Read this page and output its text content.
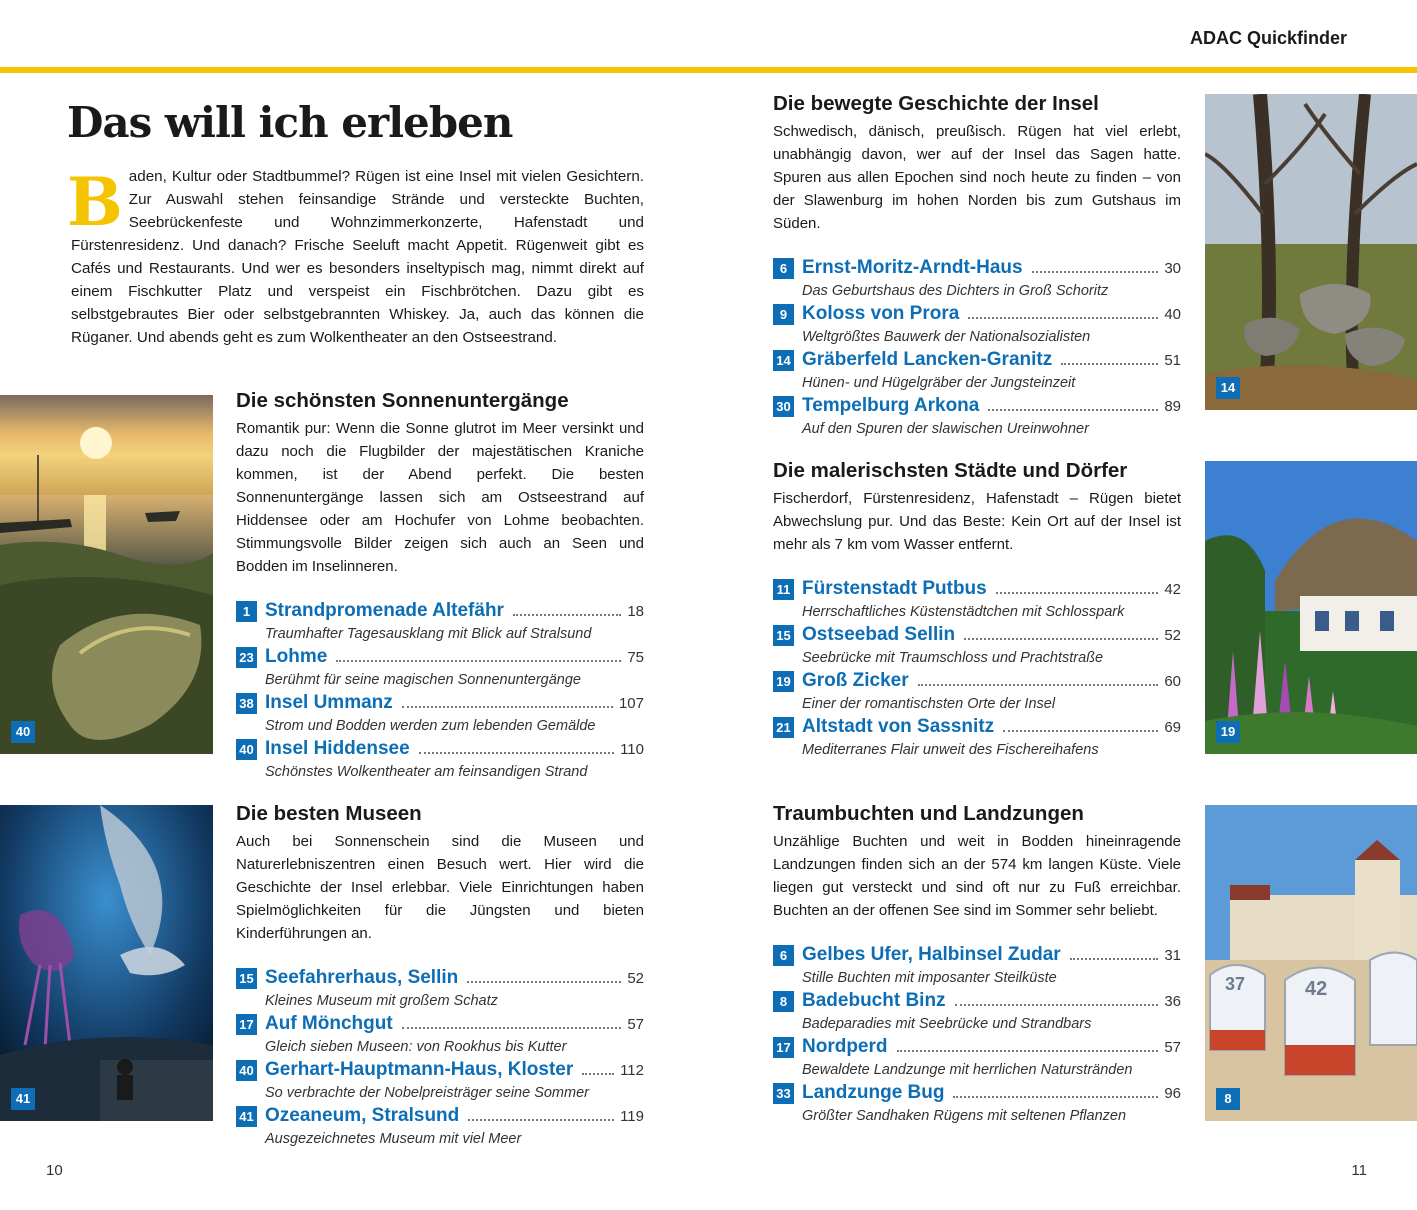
ADAC Quickfinder
Das will ich erleben

Baden, Kultur oder Stadtbummel? Rügen ist eine Insel mit vielen Gesichtern. Zur Auswahl stehen feinsandige Strände und versteckte Buchten, Seebrückenfeste und Wohnzimmerkonzerte, Hafenstadt und Fürstenresidenz. Und danach? Frische Seeluft macht Appetit. Rügenweit gibt es Cafés und Restaurants. Und wer es besonders inseltypisch mag, nimmt direkt auf einem Fischkutter Platz und verspeist ein Fischbrötchen. Dazu gibt es selbstgebrautes Bier oder selbstgebrannten Whiskey. Ja, auch das können die Rüganer. Und abends geht es zum Wolkentheater an den Ostseestrand.

40
Die schönsten Sonnenuntergänge

Romantik pur: Wenn die Sonne glutrot im Meer versinkt und dazu noch die Flugbilder der majestätischen Kraniche kommen, ist der Abend perfekt. Die besten Sonnenuntergänge lassen sich am Ostseestrand auf Hiddensee oder am Hochufer von Lohme beobachten. Stimmungsvolle Bilder zeigen sich auch an Seen und Bodden im Inselinneren.

1 Strandpromenade Altefähr	18
Traumhafter Tagesausklang mit Blick auf Stralsund
23 Lohme	75
Berühmt für seine magischen Sonnenuntergänge
38 Insel Ummanz	107
Strom und Bodden werden zum lebenden Gemälde
40 Insel Hiddensee	110
Schönstes Wolkentheater am feinsandigen Strand
41
Die besten Museen

Auch bei Sonnenschein sind die Museen und Naturerlebniszentren einen Besuch wert. Hier wird die Geschichte der Insel erlebbar. Viele Einrichtungen haben Spielmöglichkeiten für die Jüngsten und bieten Kinderführungen an.

15 Seefahrerhaus, Sellin	52
Kleines Museum mit großem Schatz
17 Auf Mönchgut	57
Gleich sieben Museen: von Rookhus bis Kutter
40 Gerhart-Hauptmann-Haus, Kloster	112
So verbrachte der Nobelpreisträger seine Sommer
41 Ozeaneum, Stralsund	119
Ausgezeichnetes Museum mit viel Meer
Die bewegte Geschichte der Insel

Schwedisch, dänisch, preußisch. Rügen hat viel erlebt, unabhängig davon, wer auf der Insel das Sagen hatte. Spuren aus allen Epochen sind noch heute zu finden – von der Slawenburg im hohen Norden bis zum Gutshaus im Süden.

6 Ernst-Moritz-Arndt-Haus	30
Das Geburtshaus des Dichters in Groß Schoritz
9 Koloss von Prora	40
Weltgrößtes Bauwerk der Nationalsozialisten
14 Gräberfeld Lancken-Granitz	51
Hünen- und Hügelgräber der Jungsteinzeit
30 Tempelburg Arkona	89
Auf den Spuren der slawischen Ureinwohner
14
Die malerischsten Städte und Dörfer

Fischerdorf, Fürstenresidenz, Hafenstadt – Rügen bietet Abwechslung pur. Und das Beste: Kein Ort auf der Insel ist mehr als 7 km vom Wasser entfernt.

11 Fürstenstadt Putbus	42
Herrschaftliches Küstenstädtchen mit Schlosspark
15 Ostseebad Sellin	52
Seebrücke mit Traumschloss und Prachtstraße
19 Groß Zicker	60
Einer der romantischsten Orte der Insel
21 Altstadt von Sassnitz	69
Mediterranes Flair unweit des Fischereihafens
19
Traumbuchten und Landzungen

Unzählige Buchten und weit in Bodden hineinragende Landzungen finden sich an der 574 km langen Küste. Viele liegen gut versteckt und sind oft nur zu Fuß erreichbar. Buchten an der offenen See sind im Sommer sehr beliebt.

6 Gelbes Ufer, Halbinsel Zudar	31
Stille Buchten mit imposanter Steilküste
8 Badebucht Binz	36
Badeparadies mit Seebrücke und Strandbars
17 Nordperd	57
Bewaldete Landzunge mit herrlichen Naturstränden
33 Landzunge Bug	96
Größter Sandhaken Rügens mit seltenen Pflanzen
37	42
8
10	11
